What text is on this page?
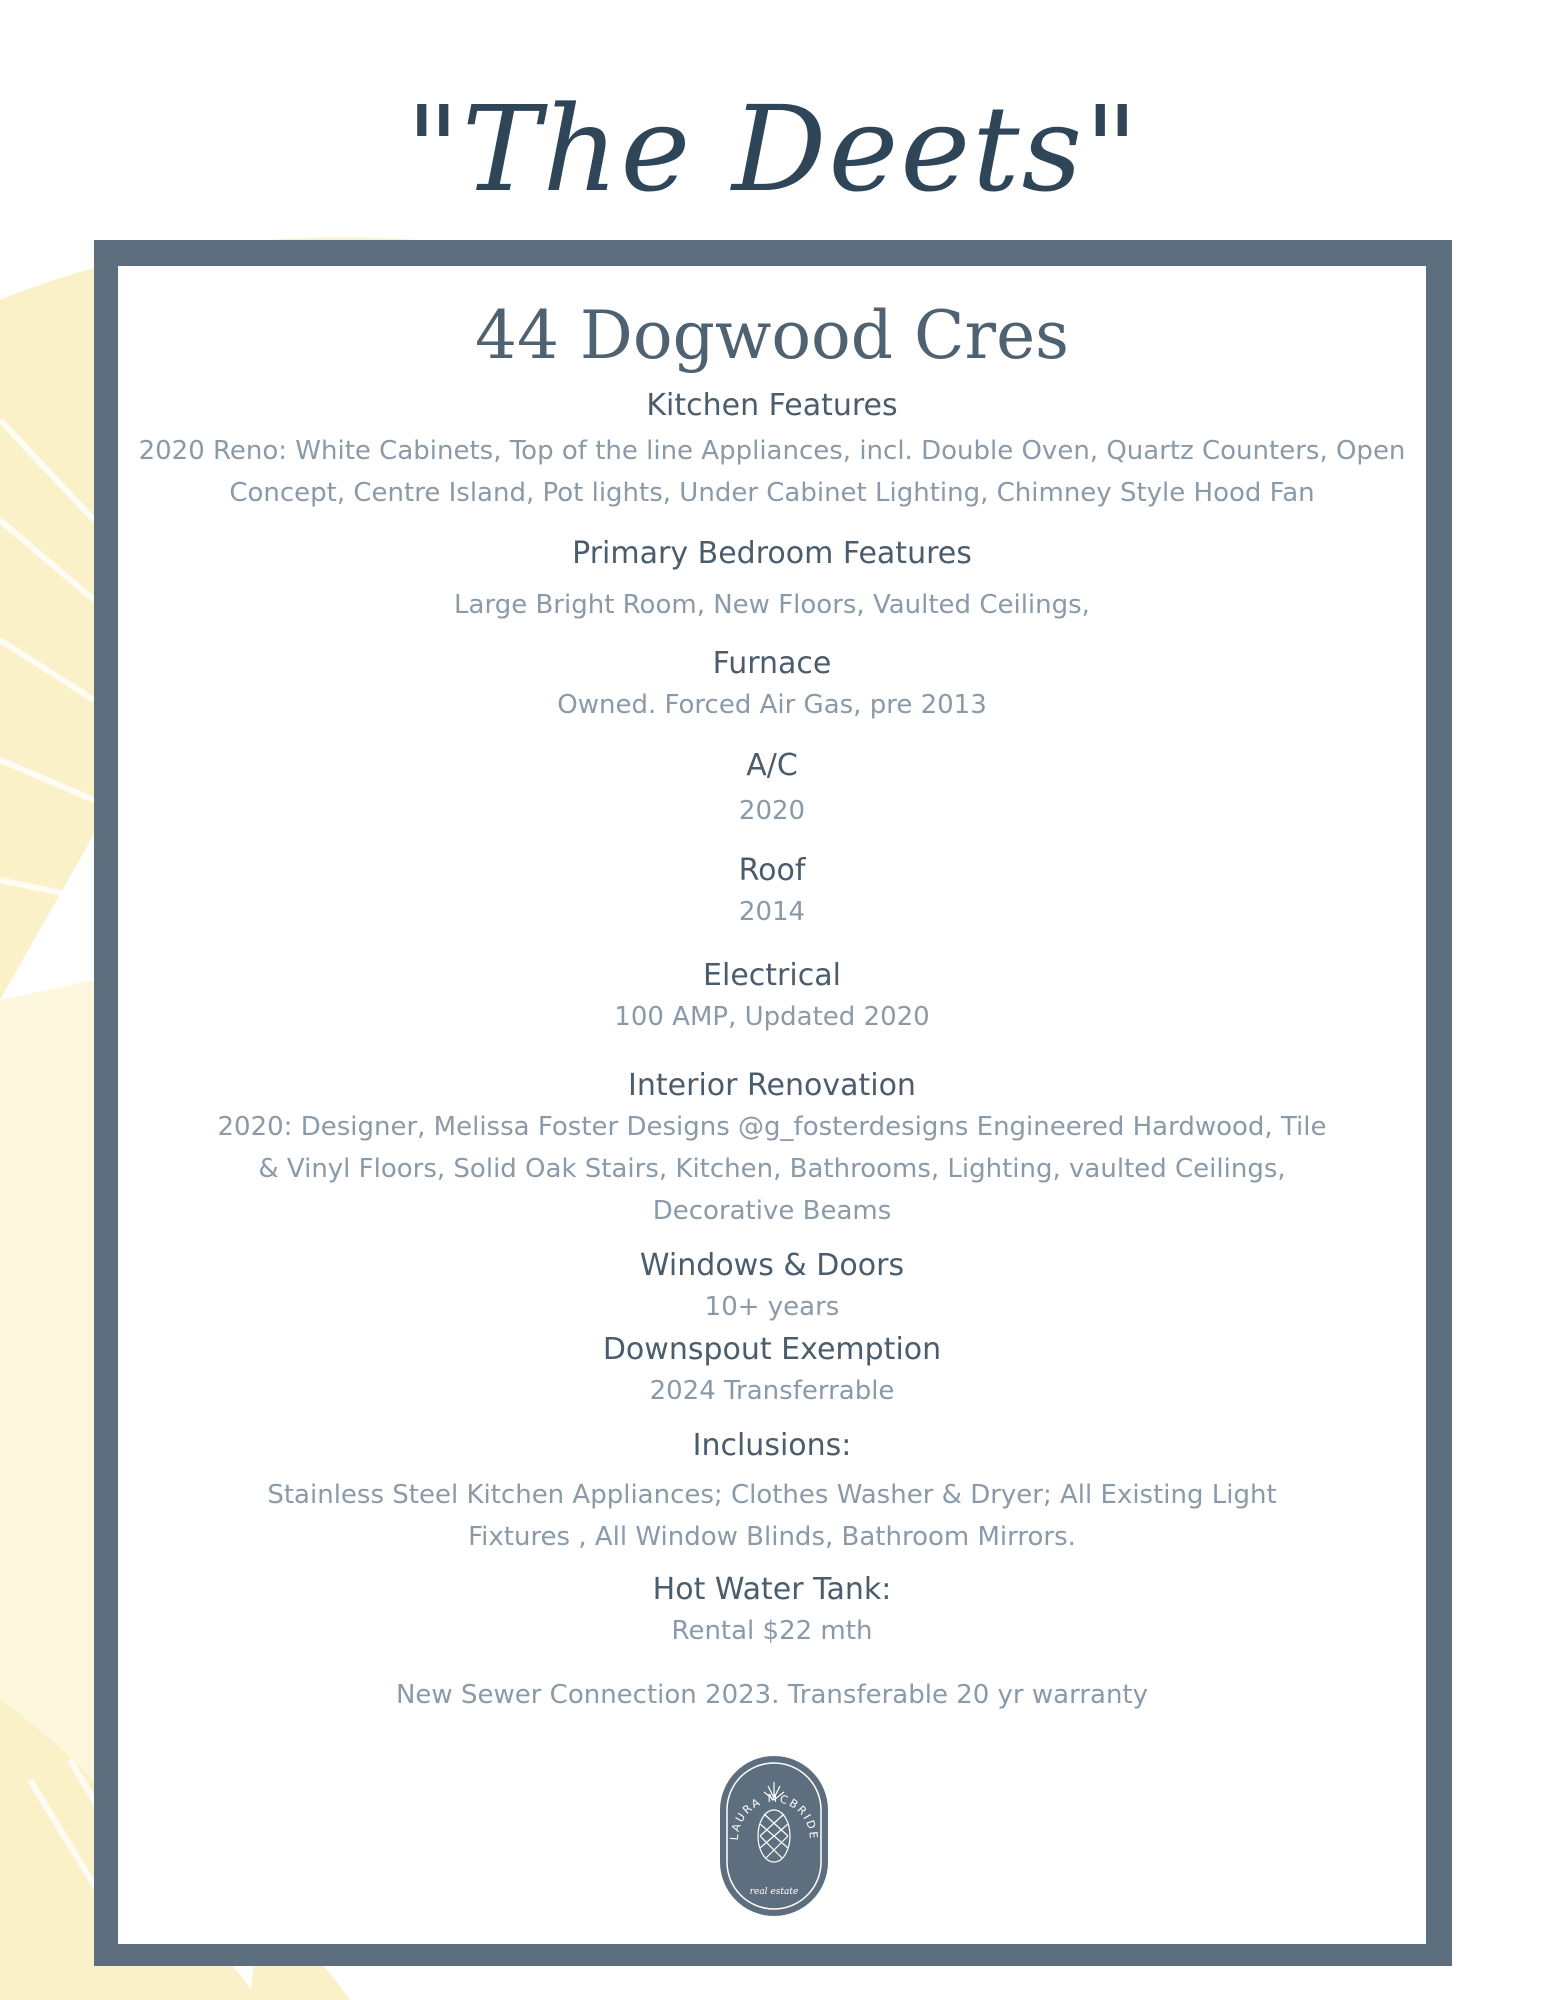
"The Deets"
44 Dogwood Cres
Kitchen Features
2020 Reno: White Cabinets, Top of the line Appliances, incl. Double Oven, Quartz Counters, Open
Concept, Centre Island, Pot lights, Under Cabinet Lighting, Chimney Style Hood Fan
Primary Bedroom Features
Large Bright Room, New Floors, Vaulted Ceilings,
Furnace
Owned. Forced Air Gas, pre 2013
A/C
2020
Roof
2014
Electrical
100 AMP, Updated 2020
Interior Renovation
2020: Designer, Melissa Foster Designs @g_fosterdesigns Engineered Hardwood, Tile
& Vinyl Floors, Solid Oak Stairs, Kitchen, Bathrooms, Lighting, vaulted Ceilings,
Decorative Beams
Windows & Doors
10+ years
Downspout Exemption
2024 Transferrable
Inclusions:
Stainless Steel Kitchen Appliances; Clothes Washer & Dryer; All Existing Light
Fixtures , All Window Blinds, Bathroom Mirrors.
Hot Water Tank:
Rental $22 mth
New Sewer Connection 2023. Transferable 20 yr warranty
LAURA MCBRIDE
real estate
